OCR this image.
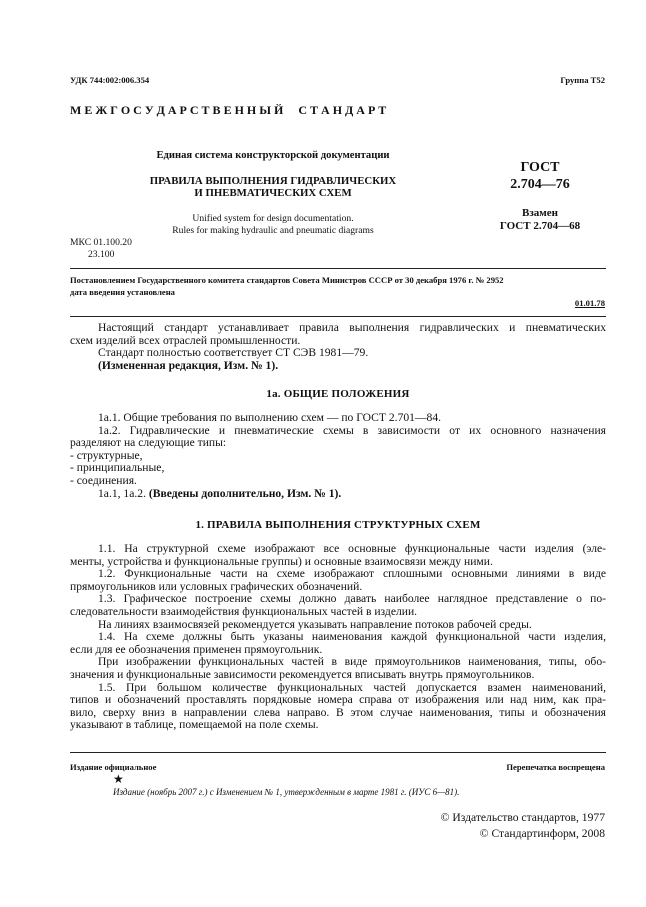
УДК 744:002:006.354	Группа Т52
М Е Ж Г О С У Д А Р С Т В Е Н Н Ы Й     С Т А Н Д А Р Т
Единая система конструкторской документации
ПРАВИЛА ВЫПОЛНЕНИЯ ГИДРАВЛИЧЕСКИХ
И ПНЕВМАТИЧЕСКИХ СХЕМ
Unified system for design documentation.
Rules for making hydraulic and pneumatic diagrams
МКС 01.100.20
23.100
ГОСТ
2.704—76
Взамен
ГОСТ 2.704—68
Постановлением Государственного комитета стандартов Совета Министров СССР от 30 декабря 1976 г. № 2952
дата введения установлена
01.01.78

Настоящий стандарт устанавливает правила выполнения гидравлических и пневматических

схем изделий всех отраслей промышленности.

Стандарт полностью соответствует СТ СЭВ 1981—79.

(Измененная редакция, Изм. № 1).

1а. ОБЩИЕ ПОЛОЖЕНИЯ

1а.1. Общие требования по выполнению схем — по ГОСТ 2.701—84.

1а.2. Гидравлические и пневматические схемы в зависимости от их основного назначения

разделяют на следующие типы:

- структурные,

- принципиальные,

- соединения.

1а.1, 1а.2. (Введены дополнительно, Изм. № 1).

1. ПРАВИЛА ВЫПОЛНЕНИЯ СТРУКТУРНЫХ СХЕМ

1.1. На структурной схеме изображают все основные функциональные части изделия (эле-

менты, устройства и функциональные группы) и основные взаимосвязи между ними.

1.2. Функциональные части на схеме изображают сплошными основными линиями в виде

прямоугольников или условных графических обозначений.

1.3. Графическое построение схемы должно давать наиболее наглядное представление о по-

следовательности взаимодействия функциональных частей в изделии.

На линиях взаимосвязей рекомендуется указывать направление потоков рабочей среды.

1.4. На схеме должны быть указаны наименования каждой функциональной части изделия,

если для ее обозначения применен прямоугольник.

При изображении функциональных частей в виде прямоугольников наименования, типы, обо-

значения и функциональные зависимости рекомендуется вписывать внутрь прямоугольников.

1.5. При большом количестве функциональных частей допускается взамен наименований,

типов и обозначений проставлять порядковые номера справа от изображения или над ним, как пра-

вило, сверху вниз в направлении слева направо. В этом случае наименования, типы и обозначения

указывают в таблице, помещаемой на поле схемы.

Издание официальное	Перепечатка воспрещена
★
Издание (ноябрь 2007 г.) с Изменением № 1, утвержденным в марте 1981 г. (ИУС 6—81).
© Издательство стандартов, 1977
© Стандартинформ, 2008
